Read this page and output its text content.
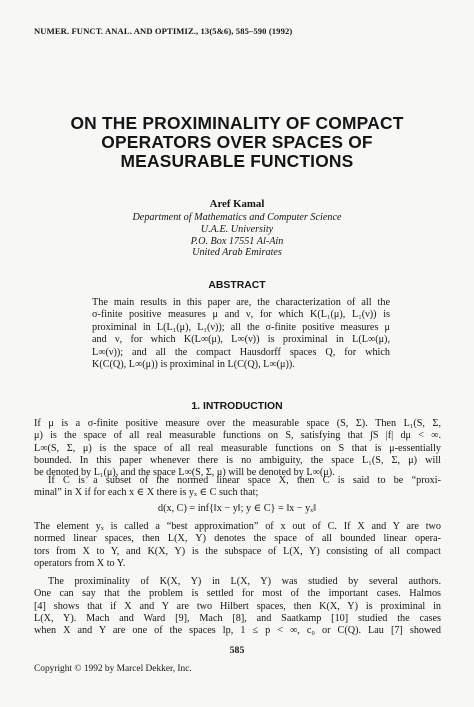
NUMER. FUNCT. ANAL. AND OPTIMIZ., 13(5&6), 585–590 (1992)
ON THE PROXIMINALITY OF COMPACT
OPERATORS OVER SPACES OF
MEASURABLE FUNCTIONS
Aref Kamal
Department of Mathematics and Computer Science
U.A.E. University
P.O. Box 17551 Al-Ain
United Arab Emirates
ABSTRACT
The main results in this paper are, the characterization of all the
σ-finite positive measures μ and ν, for which K(L₁(μ), L₁(ν)) is
proximinal in L(L₁(μ), L₁(ν)); all the σ-finite positive measures μ
and ν, for which K(L∞(μ), L∞(ν)) is proximinal in L(L∞(μ),
L∞(ν)); and all the compact Hausdorff spaces Q, for which
K(C(Q), L∞(μ)) is proximinal in L(C(Q), L∞(μ)).
1. INTRODUCTION
If μ is a σ-finite positive measure over the measurable space (S, Σ). Then L₁(S, Σ,
μ) is the space of all real measurable functions on S, satisfying that ∫S |f| dμ < ∞.
L∞(S, Σ, μ) is the space of all real measurable functions on S that is μ-essentially
bounded. In this paper whenever there is no ambiguity, the space L₁(S, Σ, μ) will
be denoted by L₁(μ), and the space L∞(S, Σ, μ) will be denoted by L∞(μ).
If C is a subset of the normed linear space X, then C is said to be “proxi-
minal” in X if for each x ∈ X there is yₓ ∈ C such that;
d(x, C) = inf{‖x − y‖; y ∈ C} = ‖x − yₓ‖
The element yₓ is called a “best approximation” of x out of C. If X and Y are two
normed linear spaces, then L(X, Y) denotes the space of all bounded linear opera-
tors from X to Y, and K(X, Y) is the subspace of L(X, Y) consisting of all compact
operators from X to Y.
The proximinality of K(X, Y) in L(X, Y) was studied by several authors.
One can say that the problem is settled for most of the important cases. Halmos
[4] shows that if X and Y are two Hilbert spaces, then K(X, Y) is proximinal in
L(X, Y). Mach and Ward [9], Mach [8], and Saatkamp [10] studied the cases
when X and Y are one of the spaces lp, 1 ≤ p < ∞, c₀ or C(Q). Lau [7] showed
585
Copyright © 1992 by Marcel Dekker, Inc.
